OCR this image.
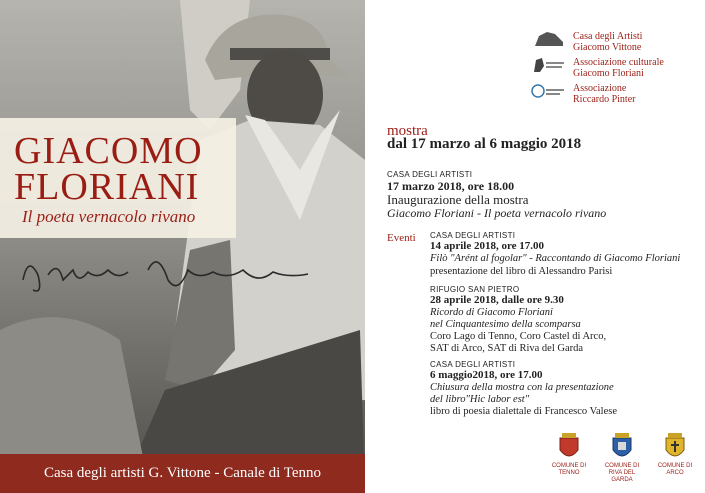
GIACOMO
FLORIANI
Il poeta vernacolo rivano
Casa degli artisti G. Vittone - Canale di Tenno
Casa degli Artisti
Giacomo Vittone
Associazione culturale
Giacomo Floriani
Associazione
Riccardo Pinter
mostra
dal 17 marzo al 6 maggio 2018
CASA DEGLI ARTISTI
17 marzo 2018, ore 18.00
Inaugurazione della mostra
Giacomo Floriani - Il poeta vernacolo rivano
Eventi CASA DEGLI ARTISTI
14 aprile 2018, ore 17.00
Filò "Arént al fogolar" - Raccontando di Giacomo Floriani
presentazione del libro di Alessandro Parisi
RIFUGIO SAN PIETRO
28 aprile 2018, dalle ore 9.30
Ricordo di Giacomo Floriani
nel Cinquantesimo della scomparsa
Coro Lago di Tenno, Coro Castel di Arco,
SAT di Arco, SAT di Riva del Garda
CASA DEGLI ARTISTI
6 maggio2018, ore 17.00
Chiusura della mostra con la presentazione
del libro"Hic labor est"
libro di poesia dialettale di Francesco Valese
COMUNE DI TENNO
COMUNE DI RIVA DEL GARDA
COMUNE DI ARCO
